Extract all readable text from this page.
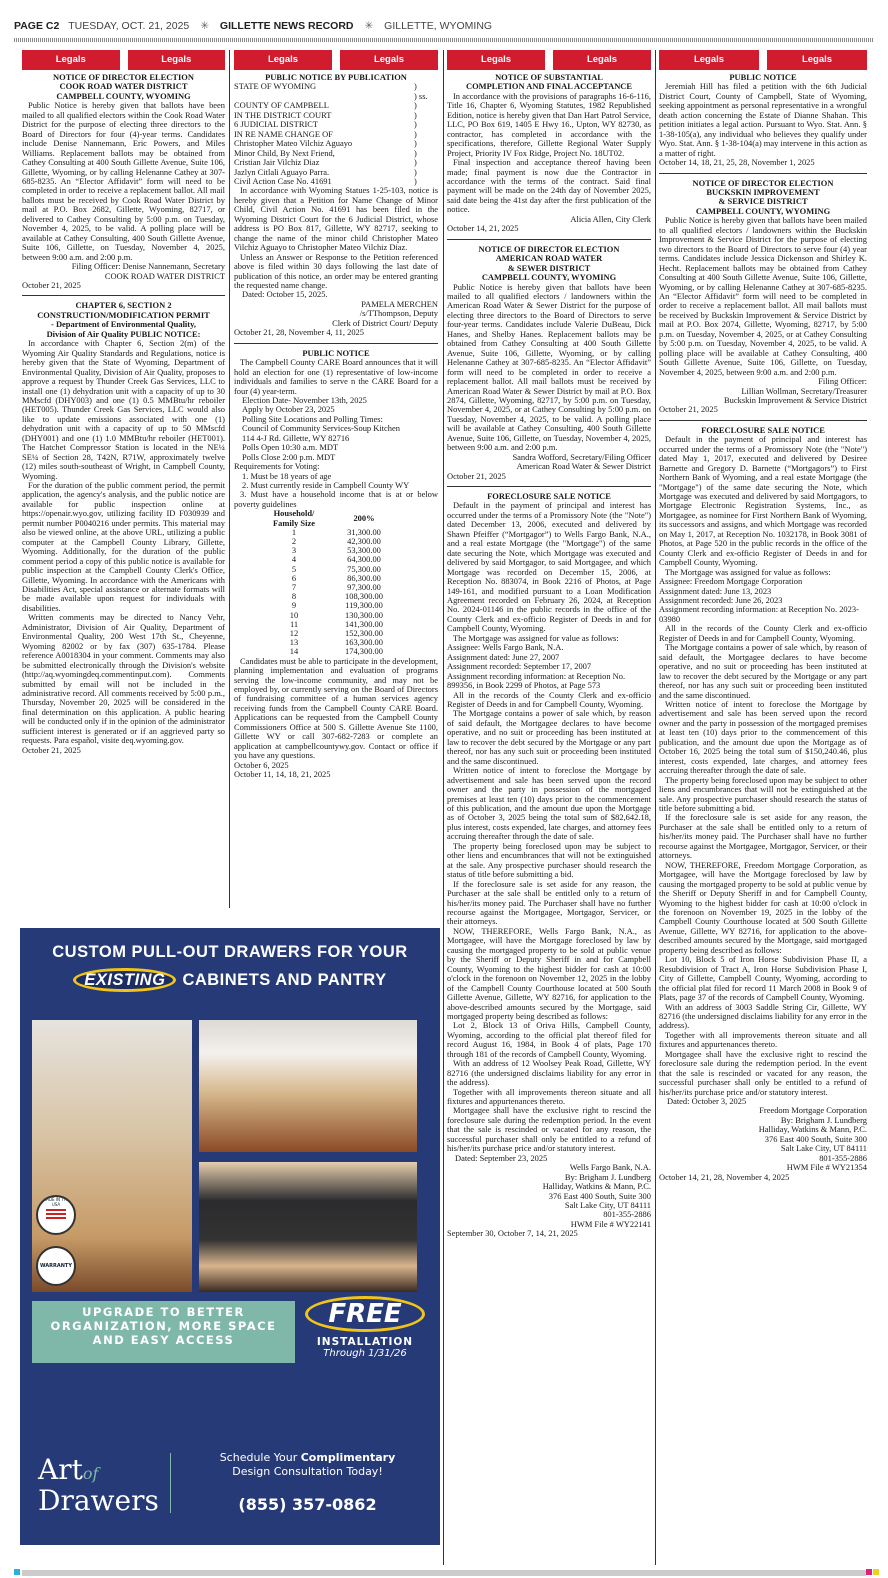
PAGE C2 TUESDAY, OCT. 21, 2025 ✳ GILLETTE NEWS RECORD ✳ GILLETTE, WYOMING
Legals	Legals
NOTICE OF DIRECTOR ELECTION
COOK ROAD WATER DISTRICT
CAMPBELL COUNTY, WYOMING
Public Notice is hereby given that ballots have been mailed to all qualified electors within the Cook Road Water District for the purpose of electing three directors to the Board of Directors for four (4)-year terms. Candidates include Denise Nannemann, Eric Powers, and Miles Williams. Replacement ballots may be obtained from Cathey Consulting at 400 South Gillette Avenue, Suite 106, Gillette, Wyoming, or by calling Helenanne Cathey at 307-685-8235. An “Elector Affidavit” form will need to be completed in order to receive a replacement ballot. All mail ballots must be received by Cook Road Water District by mail at P.O. Box 2682, Gillette, Wyoming, 82717, or delivered to Cathey Consulting by 5:00 p.m. on Tuesday, November 4, 2025, to be valid. A polling place will be available at Cathey Consulting, 400 South Gillette Avenue, Suite 106, Gillette, on Tuesday, November 4, 2025, between 9:00 a.m. and 2:00 p.m.
Filing Officer: Denise Nannemann, Secretary
COOK ROAD WATER DISTRICT
October 21, 2025
CHAPTER 6, SECTION 2
CONSTRUCTION/MODIFICATION PERMIT
- Department of Environmental Quality,
Division of Air Quality PUBLIC NOTICE:
In accordance with Chapter 6, Section 2(m) of the Wyoming Air Quality Standards and Regulations, notice is hereby given that the State of Wyoming, Department of Environmental Quality, Division of Air Quality, proposes to approve a request by Thunder Creek Gas Services, LLC to install one (1) dehydration unit with a capacity of up to 30 MMscfd (DHY003) and one (1) 0.5 MMBtu/hr reboiler (HET005). Thunder Creek Gas Services, LLC would also like to update emissions associated with one (1) dehydration unit with a capacity of up to 50 MMscfd (DHY001) and one (1) 1.0 MMBtu/hr reboiler (HET001). The Hatchet Compressor Station is located in the NE¼ SE¼ of Section 28, T42N, R71W, approximately twelve (12) miles south-southeast of Wright, in Campbell County, Wyoming.
For the duration of the public comment period, the permit application, the agency's analysis, and the public notice are available for public inspection online at https://openair.wyo.gov, utilizing facility ID F030939 and permit number P0040216 under permits. This material may also be viewed online, at the above URL, utilizing a public computer at the Campbell County Library, Gillette, Wyoming. Additionally, for the duration of the public comment period a copy of this public notice is available for public inspection at the Campbell County Clerk's Office, Gillette, Wyoming. In accordance with the Americans with Disabilities Act, special assistance or alternate formats will be made available upon request for individuals with disabilities.
Written comments may be directed to Nancy Vehr, Administrator, Division of Air Quality, Department of Environmental Quality, 200 West 17th St., Cheyenne, Wyoming 82002 or by fax (307) 635-1784. Please reference A0018304 in your comment. Comments may also be submitted electronically through the Division's website (http://aq.wyomingdeq.commentinput.com). Comments submitted by email will not be included in the administrative record. All comments received by 5:00 p.m., Thursday, November 20, 2025 will be considered in the final determination on this application. A public hearing will be conducted only if in the opinion of the administrator sufficient interest is generated or if an aggrieved party so requests. Para español, visite deq.wyoming.gov.
October 21, 2025
Legals	Legals
PUBLIC NOTICE BY PUBLICATION
STATE OF WYOMING	)
) ss.
COUNTY OF CAMPBELL	)
IN THE DISTRICT COURT	)
6 JUDICIAL DISTRICT	)
IN RE NAME CHANGE OF	)
Christopher Mateo Vilchiz Aguayo	)
Minor Child, By Next Friend,	)
Cristian Jair Vilchiz Diaz	)
Jazlyn Citlali Aguayo Parra.	)
Civil Action Case No. 41691	)
In accordance with Wyoming Statues 1-25-103, notice is hereby given that a Petition for Name Change of Minor Child, Civil Action No. 41691 has been filed in the Wyoming District Court for the 6 Judicial District, whose address is PO Box 817, Gillette, WY 82717, seeking to change the name of the minor child Christopher Mateo Vilchiz Aguayo to Christopher Mateo Vilchiz Diaz.
Unless an Answer or Response to the Petition referenced above is filed within 30 days following the last date of publication of this notice, an order may be entered granting the requested name change.
Dated: October 15, 2025.
PAMELA MERCHEN
/s/TThompson, Deputy
Clerk of District Court/ Deputy
October 21, 28, November 4, 11, 2025
PUBLIC NOTICE
The Campbell County CARE Board announces that it will hold an election for one (1) representative of low-income individuals and families to serve n the CARE Board for a four (4) year-term.
Election Date- November 13th, 2025
Apply by October 23, 2025
Polling Site Locations and Polling Times:
Council of Community Services-Soup Kitchen
114 4-J Rd. Gillette, WY 82716
Polls Open 10:30 a.m. MDT
Polls Close 2:00 p.m. MDT
Requirements for Voting:
1. Must be 18 years of age
2. Must currently reside in Campbell County WY
3. Must have a household income that is at or below poverty guidelines
Household/ Family Size	200%
1	31,300.00
2	42,300.00
3	53,300.00
4	64,300.00
5	75,300.00
6	86,300.00
7	97,300.00
8	108,300.00
9	119,300.00
10	130,300.00
11	141,300.00
12	152,300.00
13	163,300.00
14	174,300.00
Candidates must be able to participate in the development, planning implementation and evaluation of programs serving the low-income community, and may not be employed by, or currently serving on the Board of Directors of fundraising committee of a human services agency receiving funds from the Campbell County CARE Board. Applications can be requested from the Campbell County Commissioners Office at 500 S. Gillette Avenue Ste 1100, Gillette WY or call 307-682-7283 or complete an application at campbellcountywy.gov. Contact or office if you have any questions.
October 6, 2025
October 11, 14, 18, 21, 2025
Legals	Legals
NOTICE OF SUBSTANTIAL
COMPLETION AND FINAL ACCEPTANCE
In accordance with the provisions of paragraphs 16-6-116, Title 16, Chapter 6, Wyoming Statutes, 1982 Republished Edition, notice is hereby given that Dan Hart Patrol Service, LLC, PO Box 619, 1405 E Hwy 16., Upton, WY 82730, as contractor, has completed in accordance with the specifications, therefore, Gillette Regional Water Supply Project, Priority IV Fox Ridge, Project No. 18UT02.
Final inspection and acceptance thereof having been made; final payment is now due the Contractor in accordance with the terms of the contract. Said final payment will be made on the 24th day of November 2025, said date being the 41st day after the first publication of the notice.
Alicia Allen, City Clerk
October 14, 21, 2025
NOTICE OF DIRECTOR ELECTION
AMERICAN ROAD WATER
& SEWER DISTRICT
CAMPBELL COUNTY, WYOMING
Public Notice is hereby given that ballots have been mailed to all qualified electors / landowners within the American Road Water & Sewer District for the purpose of electing three directors to the Board of Directors to serve four-year terms. Candidates include Valerie DuBeau, Dick Hanes, and Shelby Hanes. Replacement ballots may be obtained from Cathey Consulting at 400 South Gillette Avenue, Suite 106, Gillette, Wyoming, or by calling Helenanne Cathey at 307-685-8235. An “Elector Affidavit” form will need to be completed in order to receive a replacement ballot. All mail ballots must be received by American Road Water & Sewer District by mail at P.O. Box 2874, Gillette, Wyoming, 82717, by 5:00 p.m. on Tuesday, November 4, 2025, or at Cathey Consulting by 5:00 p.m. on Tuesday, November 4, 2025, to be valid. A polling place will be available at Cathey Consulting, 400 South Gillette Avenue, Suite 106, Gillette, on Tuesday, November 4, 2025, between 9:00 a.m. and 2:00 p.m.
Sandra Wofford, Secretary/Filing Officer
American Road Water & Sewer District
October 21, 2025
FORECLOSURE SALE NOTICE
Default in the payment of principal and interest has occurred under the terms of a Promissory Note (the "Note") dated December 13, 2006, executed and delivered by Shawn Pfeiffer (“Mortgagor”) to Wells Fargo Bank, N.A., and a real estate Mortgage (the "Mortgage") of the same date securing the Note, which Mortgage was executed and delivered by said Mortgagor, to said Mortgagee, and which Mortgage was recorded on December 15, 2006, at Reception No. 883074, in Book 2216 of Photos, at Page 149-161, and modified pursuant to a Loan Modification Agreement recorded on February 26, 2024, at Reception No. 2024-01146 in the public records in the office of the County Clerk and ex-officio Register of Deeds in and for Campbell County, Wyoming.
The Mortgage was assigned for value as follows:
Assignee: Wells Fargo Bank, N.A.
Assignment dated: June 27, 2007
Assignment recorded: September 17, 2007
Assignment recording information: at Reception No. 899356, in Book 2299 of Photos, at Page 573
All in the records of the County Clerk and ex-officio Register of Deeds in and for Campbell County, Wyoming.
The Mortgage contains a power of sale which, by reason of said default, the Mortgagee declares to have become operative, and no suit or proceeding has been instituted at law to recover the debt secured by the Mortgage or any part thereof, nor has any such suit or proceeding been instituted and the same discontinued.
Written notice of intent to foreclose the Mortgage by advertisement and sale has been served upon the record owner and the party in possession of the mortgaged premises at least ten (10) days prior to the commencement of this publication, and the amount due upon the Mortgage as of October 3, 2025 being the total sum of $82,642.18, plus interest, costs expended, late charges, and attorney fees accruing thereafter through the date of sale.
The property being foreclosed upon may be subject to other liens and encumbrances that will not be extinguished at the sale. Any prospective purchaser should research the status of title before submitting a bid.
If the foreclosure sale is set aside for any reason, the Purchaser at the sale shall be entitled only to a return of his/her/its money paid. The Purchaser shall have no further recourse against the Mortgagee, Mortgagor, Servicer, or their attorneys.
NOW, THEREFORE, Wells Fargo Bank, N.A., as Mortgagee, will have the Mortgage foreclosed by law by causing the mortgaged property to be sold at public venue by the Sheriff or Deputy Sheriff in and for Campbell County, Wyoming to the highest bidder for cash at 10:00 o'clock in the forenoon on November 12, 2025 in the lobby of the Campbell County Courthouse located at 500 South Gillette Avenue, Gillette, WY 82716, for application to the above-described amounts secured by the Mortgage, said mortgaged property being described as follows:
Lot 2, Block 13 of Oriva Hills, Campbell County, Wyoming, according to the official plat thereof filed for record August 16, 1984, in Book 4 of plats, Page 170 through 181 of the records of Campbell County, Wyoming.
With an address of 12 Woolsey Peak Road, Gillette, WY 82716 (the undersigned disclaims liability for any error in the address).
Together with all improvements thereon situate and all fixtures and appurtenances thereto.
Mortgagee shall have the exclusive right to rescind the foreclosure sale during the redemption period. In the event that the sale is rescinded or vacated for any reason, the successful purchaser shall only be entitled to a refund of his/her/its purchase price and/or statutory interest.
Dated: September 23, 2025
Wells Fargo Bank, N.A.
By: Brigham J. Lundberg
Halliday, Watkins & Mann, P.C.
376 East 400 South, Suite 300
Salt Lake City, UT 84111
801-355-2886
HWM File # WY22141
September 30, October 7, 14, 21, 2025
Legals	Legals
PUBLIC NOTICE
Jeremiah Hill has filed a petition with the 6th Judicial District Court, County of Campbell, State of Wyoming, seeking appointment as personal representative in a wrongful death action concerning the Estate of Dianne Shahan. This petition initiates a legal action. Pursuant to Wyo. Stat. Ann. § 1-38-105(a), any individual who believes they qualify under Wyo. Stat. Ann. § 1-38-104(a) may intervene in this action as a matter of right.
October 14, 18, 21, 25, 28, November 1, 2025
NOTICE OF DIRECTOR ELECTION
BUCKSKIN IMPROVEMENT
& SERVICE DISTRICT
CAMPBELL COUNTY, WYOMING
Public Notice is hereby given that ballots have been mailed to all qualified electors / landowners within the Buckskin Improvement & Service District for the purpose of electing two directors to the Board of Directors to serve four (4) year terms. Candidates include Jessica Dickenson and Shirley K. Hecht. Replacement ballots may be obtained from Cathey Consulting at 400 South Gillette Avenue, Suite 106, Gillette, Wyoming, or by calling Helenanne Cathey at 307-685-8235. An “Elector Affidavit” form will need to be completed in order to receive a replacement ballot. All mail ballots must be received by Buckskin Improvement & Service District by mail at P.O. Box 2074, Gillette, Wyoming, 82717, by 5:00 p.m. on Tuesday, November 4, 2025, or at Cathey Consulting by 5:00 p.m. on Tuesday, November 4, 2025, to be valid. A polling place will be available at Cathey Consulting, 400 South Gillette Avenue, Suite 106, Gillette, on Tuesday, November 4, 2025, between 9:00 a.m. and 2:00 p.m.
Filing Officer:
Lillian Wollman, Secretary/Treasurer
Buckskin Improvement & Service District
October 21, 2025
FORECLOSURE SALE NOTICE
Default in the payment of principal and interest has occurred under the terms of a Promissory Note (the "Note") dated May 1, 2017, executed and delivered by Desiree Barnette and Gregory D. Barnette (“Mortgagors”) to First Northern Bank of Wyoming, and a real estate Mortgage (the "Mortgage") of the same date securing the Note, which Mortgage was executed and delivered by said Mortgagors, to Mortgage Electronic Registration Systems, Inc., as Mortgagee, as nominee for First Northern Bank of Wyoming, its successors and assigns, and which Mortgage was recorded on May 1, 2017, at Reception No. 1032178, in Book 3081 of Photos, at Page 520 in the public records in the office of the County Clerk and ex-officio Register of Deeds in and for Campbell County, Wyoming.
The Mortgage was assigned for value as follows:
Assignee: Freedom Mortgage Corporation
Assignment dated: June 13, 2023
Assignment recorded: June 26, 2023
Assignment recording information: at Reception No. 2023-03980
All in the records of the County Clerk and ex-officio Register of Deeds in and for Campbell County, Wyoming.
The Mortgage contains a power of sale which, by reason of said default, the Mortgagee declares to have become operative, and no suit or proceeding has been instituted at law to recover the debt secured by the Mortgage or any part thereof, nor has any such suit or proceeding been instituted and the same discontinued.
Written notice of intent to foreclose the Mortgage by advertisement and sale has been served upon the record owner and the party in possession of the mortgaged premises at least ten (10) days prior to the commencement of this publication, and the amount due upon the Mortgage as of October 16, 2025 being the total sum of $150,240.46, plus interest, costs expended, late charges, and attorney fees accruing thereafter through the date of sale.
The property being foreclosed upon may be subject to other liens and encumbrances that will not be extinguished at the sale. Any prospective purchaser should research the status of title before submitting a bid.
If the foreclosure sale is set aside for any reason, the Purchaser at the sale shall be entitled only to a return of his/her/its money paid. The Purchaser shall have no further recourse against the Mortgagee, Mortgagor, Servicer, or their attorneys.
NOW, THEREFORE, Freedom Mortgage Corporation, as Mortgagee, will have the Mortgage foreclosed by law by causing the mortgaged property to be sold at public venue by the Sheriff or Deputy Sheriff in and for Campbell County, Wyoming to the highest bidder for cash at 10:00 o'clock in the forenoon on November 19, 2025 in the lobby of the Campbell County Courthouse located at 500 South Gillette Avenue, Gillette, WY 82716, for application to the above-described amounts secured by the Mortgage, said mortgaged property being described as follows:
Lot 10, Block 5 of Iron Horse Subdivision Phase II, a Resubdivision of Tract A, Iron Horse Subdivision Phase I, City of Gillette, Campbell County, Wyoming, according to the official plat filed for record 11 March 2008 in Book 9 of Plats, page 37 of the records of Campbell County, Wyoming.
With an address of 3003 Saddle String Cir, Gillette, WY 82716 (the undersigned disclaims liability for any error in the address).
Together with all improvements thereon situate and all fixtures and appurtenances thereto.
Mortgagee shall have the exclusive right to rescind the foreclosure sale during the redemption period. In the event that the sale is rescinded or vacated for any reason, the successful purchaser shall only be entitled to a refund of his/her/its purchase price and/or statutory interest.
Dated: October 3, 2025
Freedom Mortgage Corporation
By: Brigham J. Lundberg
Halliday, Watkins & Mann, P.C.
376 East 400 South, Suite 300
Salt Lake City, UT 84111
801-355-2886
HWM File # WY21354
October 14, 21, 28, November 4, 2025
CUSTOM PULL-OUT DRAWERS FOR YOUR
EXISTING CABINETS AND PANTRY
MADE IN THE USA
WARRANTY
UPGRADE TO BETTER ORGANIZATION, MORE SPACE AND EASY ACCESS
FREE
INSTALLATION
Through 1/31/26
Artof
Drawers
Schedule Your Complimentary
Design Consultation Today!
(855) 357-0862
